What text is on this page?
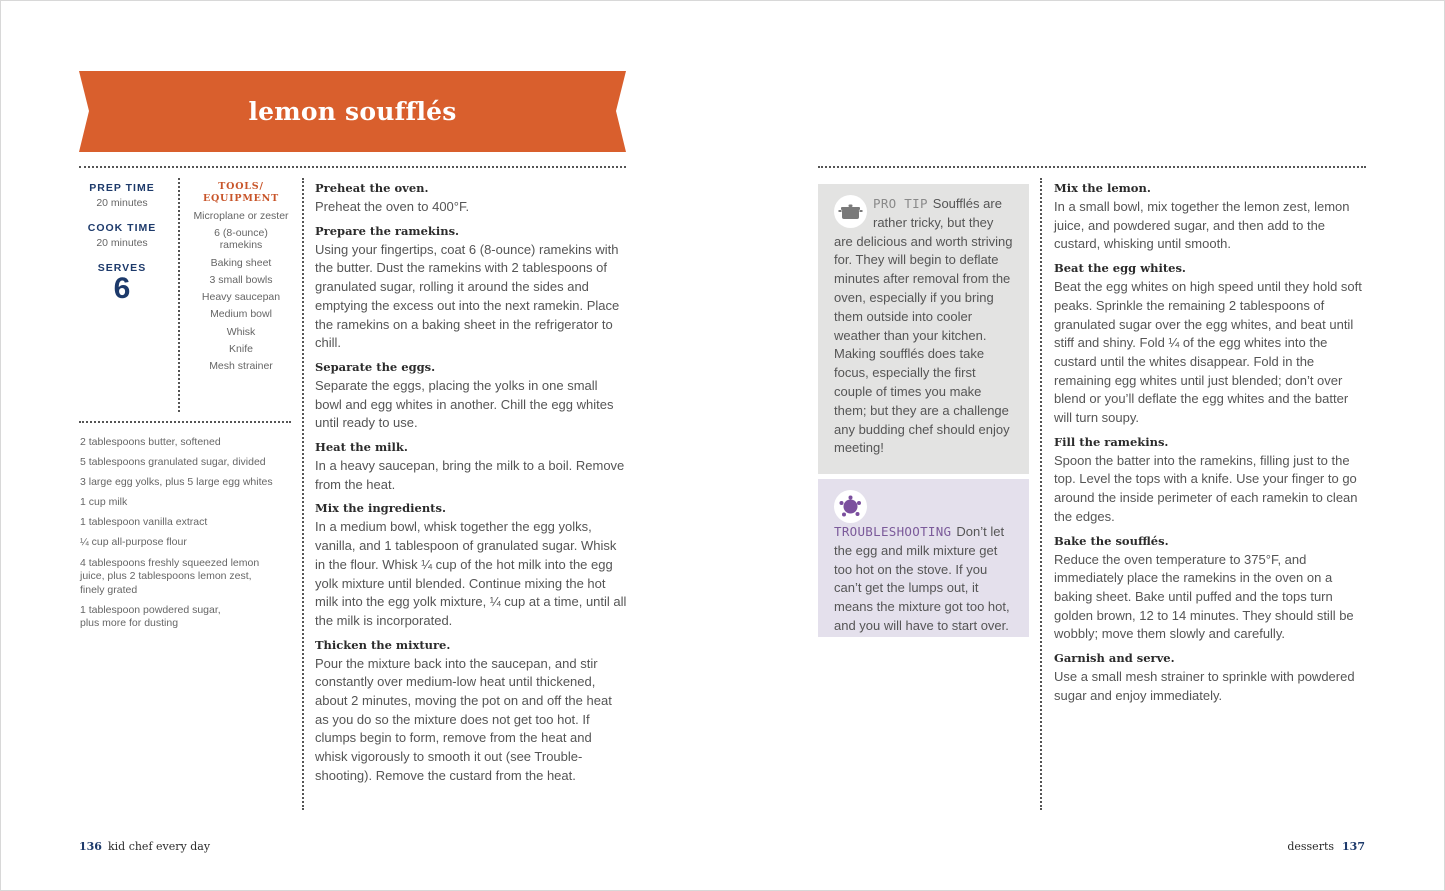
lemon soufflés
PREP TIME
20 minutes
COOK TIME
20 minutes
SERVES
6
TOOLS/ EQUIPMENT
Microplane or zester
6 (8-ounce) ramekins
Baking sheet
3 small bowls
Heavy saucepan
Medium bowl
Whisk
Knife
Mesh strainer
2 tablespoons butter, softened
5 tablespoons granulated sugar, divided
3 large egg yolks, plus 5 large egg whites
1 cup milk
1 tablespoon vanilla extract
¼ cup all-purpose flour
4 tablespoons freshly squeezed lemon juice, plus 2 tablespoons lemon zest, finely grated
1 tablespoon powdered sugar, plus more for dusting
Preheat the oven.
Preheat the oven to 400°F.
Prepare the ramekins.
Using your fingertips, coat 6 (8-ounce) ramekins with the butter. Dust the ramekins with 2 tablespoons of granulated sugar, rolling it around the sides and emptying the excess out into the next ramekin. Place the ramekins on a baking sheet in the refrigerator to chill.
Separate the eggs.
Separate the eggs, placing the yolks in one small bowl and egg whites in another. Chill the egg whites until ready to use.
Heat the milk.
In a heavy saucepan, bring the milk to a boil. Remove from the heat.
Mix the ingredients.
In a medium bowl, whisk together the egg yolks, vanilla, and 1 tablespoon of granulated sugar. Whisk in the flour. Whisk ¼ cup of the hot milk into the egg yolk mixture until blended. Continue mixing the hot milk into the egg yolk mixture, ¼ cup at a time, until all the milk is incorporated.
Thicken the mixture.
Pour the mixture back into the saucepan, and stir constantly over medium-low heat until thickened, about 2 minutes, moving the pot on and off the heat as you do so the mixture does not get too hot. If clumps begin to form, remove from the heat and whisk vigorously to smooth it out (see Troubleshooting). Remove the custard from the heat.
PRO TIP Soufflés are rather tricky, but they are delicious and worth striving for. They will begin to deflate minutes after removal from the oven, especially if you bring them outside into cooler weather than your kitchen. Making soufflés does take focus, especially the first couple of times you make them; but they are a challenge any budding chef should enjoy meeting!
TROUBLESHOOTING Don’t let the egg and milk mixture get too hot on the stove. If you can’t get the lumps out, it means the mixture got too hot, and you will have to start over.
Mix the lemon.
In a small bowl, mix together the lemon zest, lemon juice, and powdered sugar, and then add to the custard, whisking until smooth.
Beat the egg whites.
Beat the egg whites on high speed until they hold soft peaks. Sprinkle the remaining 2 tablespoons of granulated sugar over the egg whites, and beat until stiff and shiny. Fold ¼ of the egg whites into the custard until the whites disappear. Fold in the remaining egg whites until just blended; don’t over blend or you’ll deflate the egg whites and the batter will turn soupy.
Fill the ramekins.
Spoon the batter into the ramekins, filling just to the top. Level the tops with a knife. Use your finger to go around the inside perimeter of each ramekin to clean the edges.
Bake the soufflés.
Reduce the oven temperature to 375°F, and immediately place the ramekins in the oven on a baking sheet. Bake until puffed and the tops turn golden brown, 12 to 14 minutes. They should still be wobbly; move them slowly and carefully.
Garnish and serve.
Use a small mesh strainer to sprinkle with powdered sugar and enjoy immediately.
136 kid chef every day	desserts 137
